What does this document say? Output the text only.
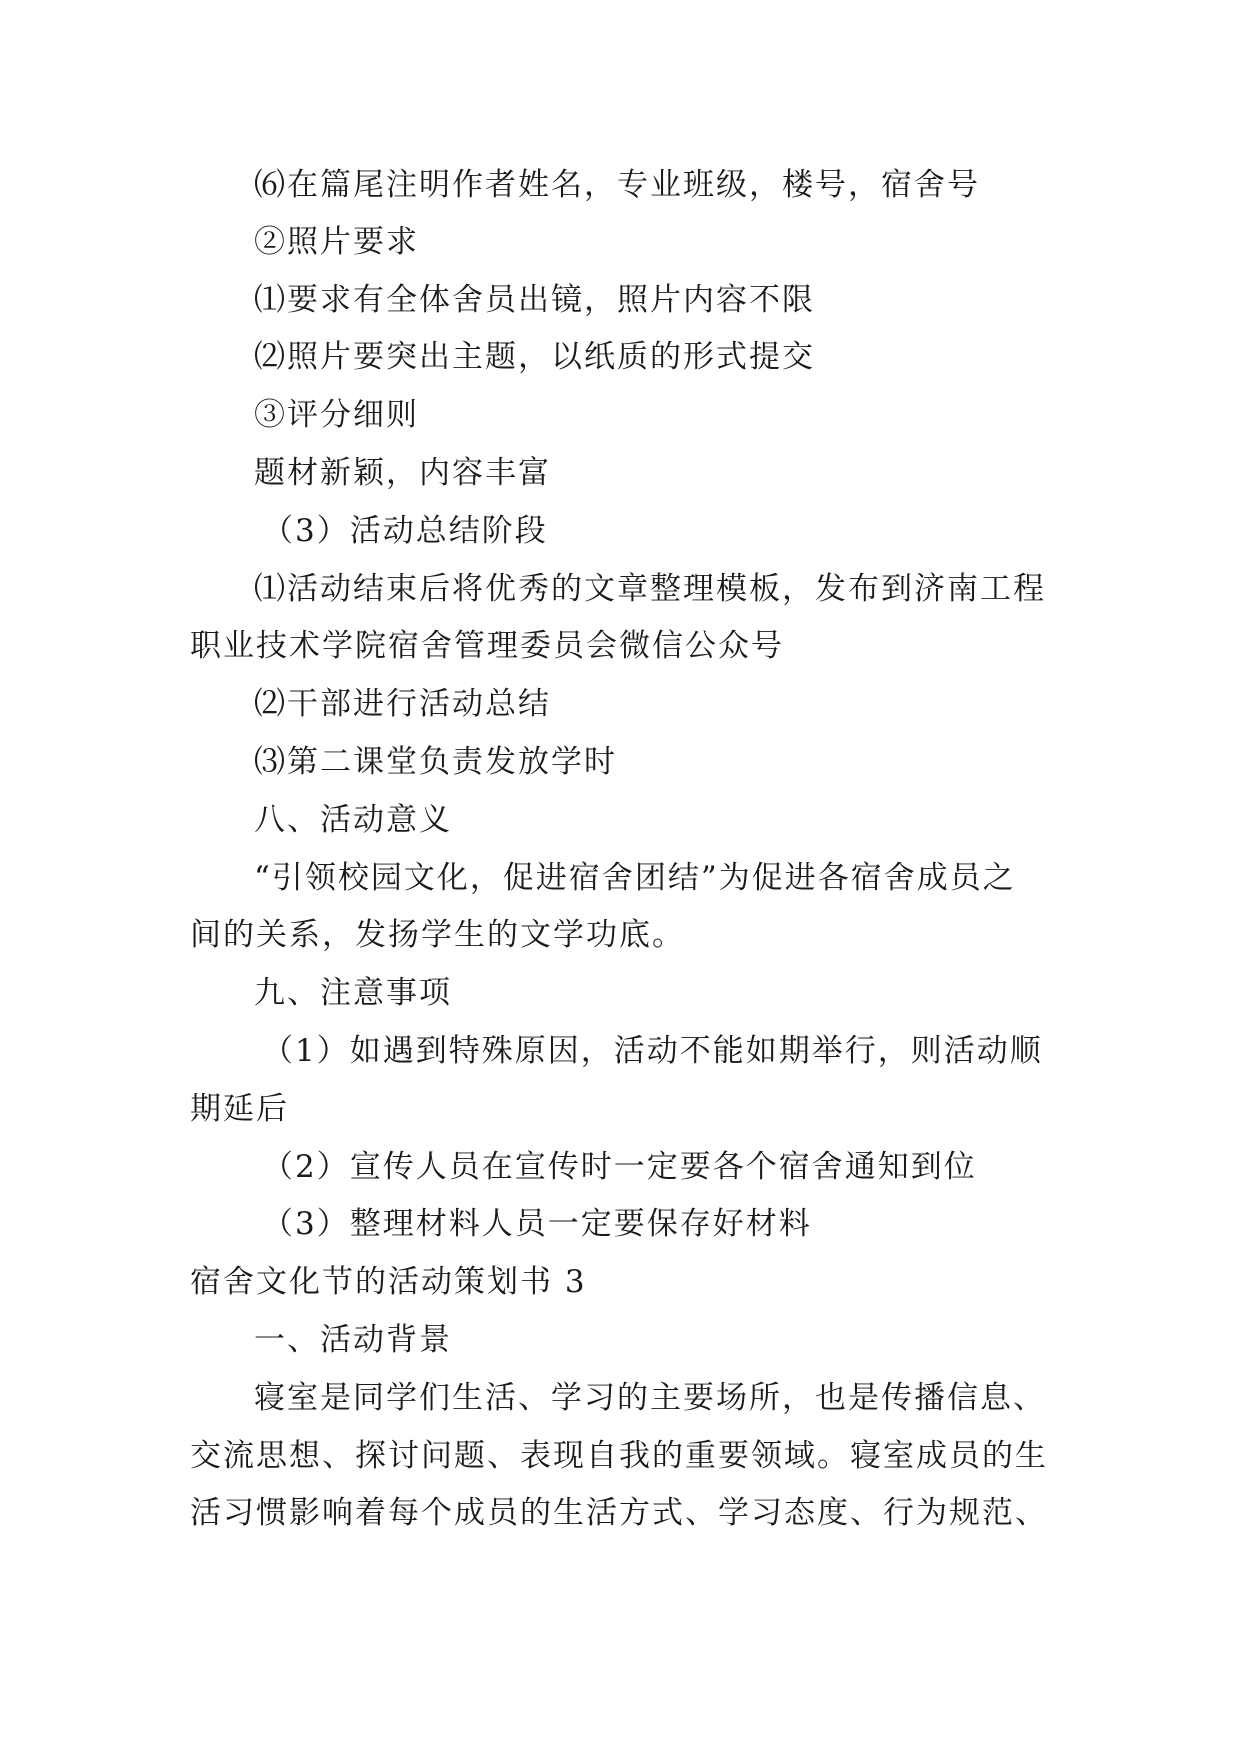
⑹在篇尾注明作者姓名，专业班级，楼号，宿舍号
②照片要求
⑴要求有全体舍员出镜，照片内容不限
⑵照片要突出主题，以纸质的形式提交
③评分细则
题材新颖，内容丰富
（3）活动总结阶段
⑴活动结束后将优秀的文章整理模板，发布到济南工程
职业技术学院宿舍管理委员会微信公众号
⑵干部进行活动总结
⑶第二课堂负责发放学时
八、活动意义
“引领校园文化，促进宿舍团结”为促进各宿舍成员之
间的关系，发扬学生的文学功底。
九、注意事项
（1）如遇到特殊原因，活动不能如期举行，则活动顺
期延后
（2）宣传人员在宣传时一定要各个宿舍通知到位
（3）整理材料人员一定要保存好材料
宿舍文化节的活动策划书 3
一、活动背景
寝室是同学们生活、学习的主要场所，也是传播信息、
交流思想、探讨问题、表现自我的重要领域。寝室成员的生
活习惯影响着每个成员的生活方式、学习态度、行为规范、
